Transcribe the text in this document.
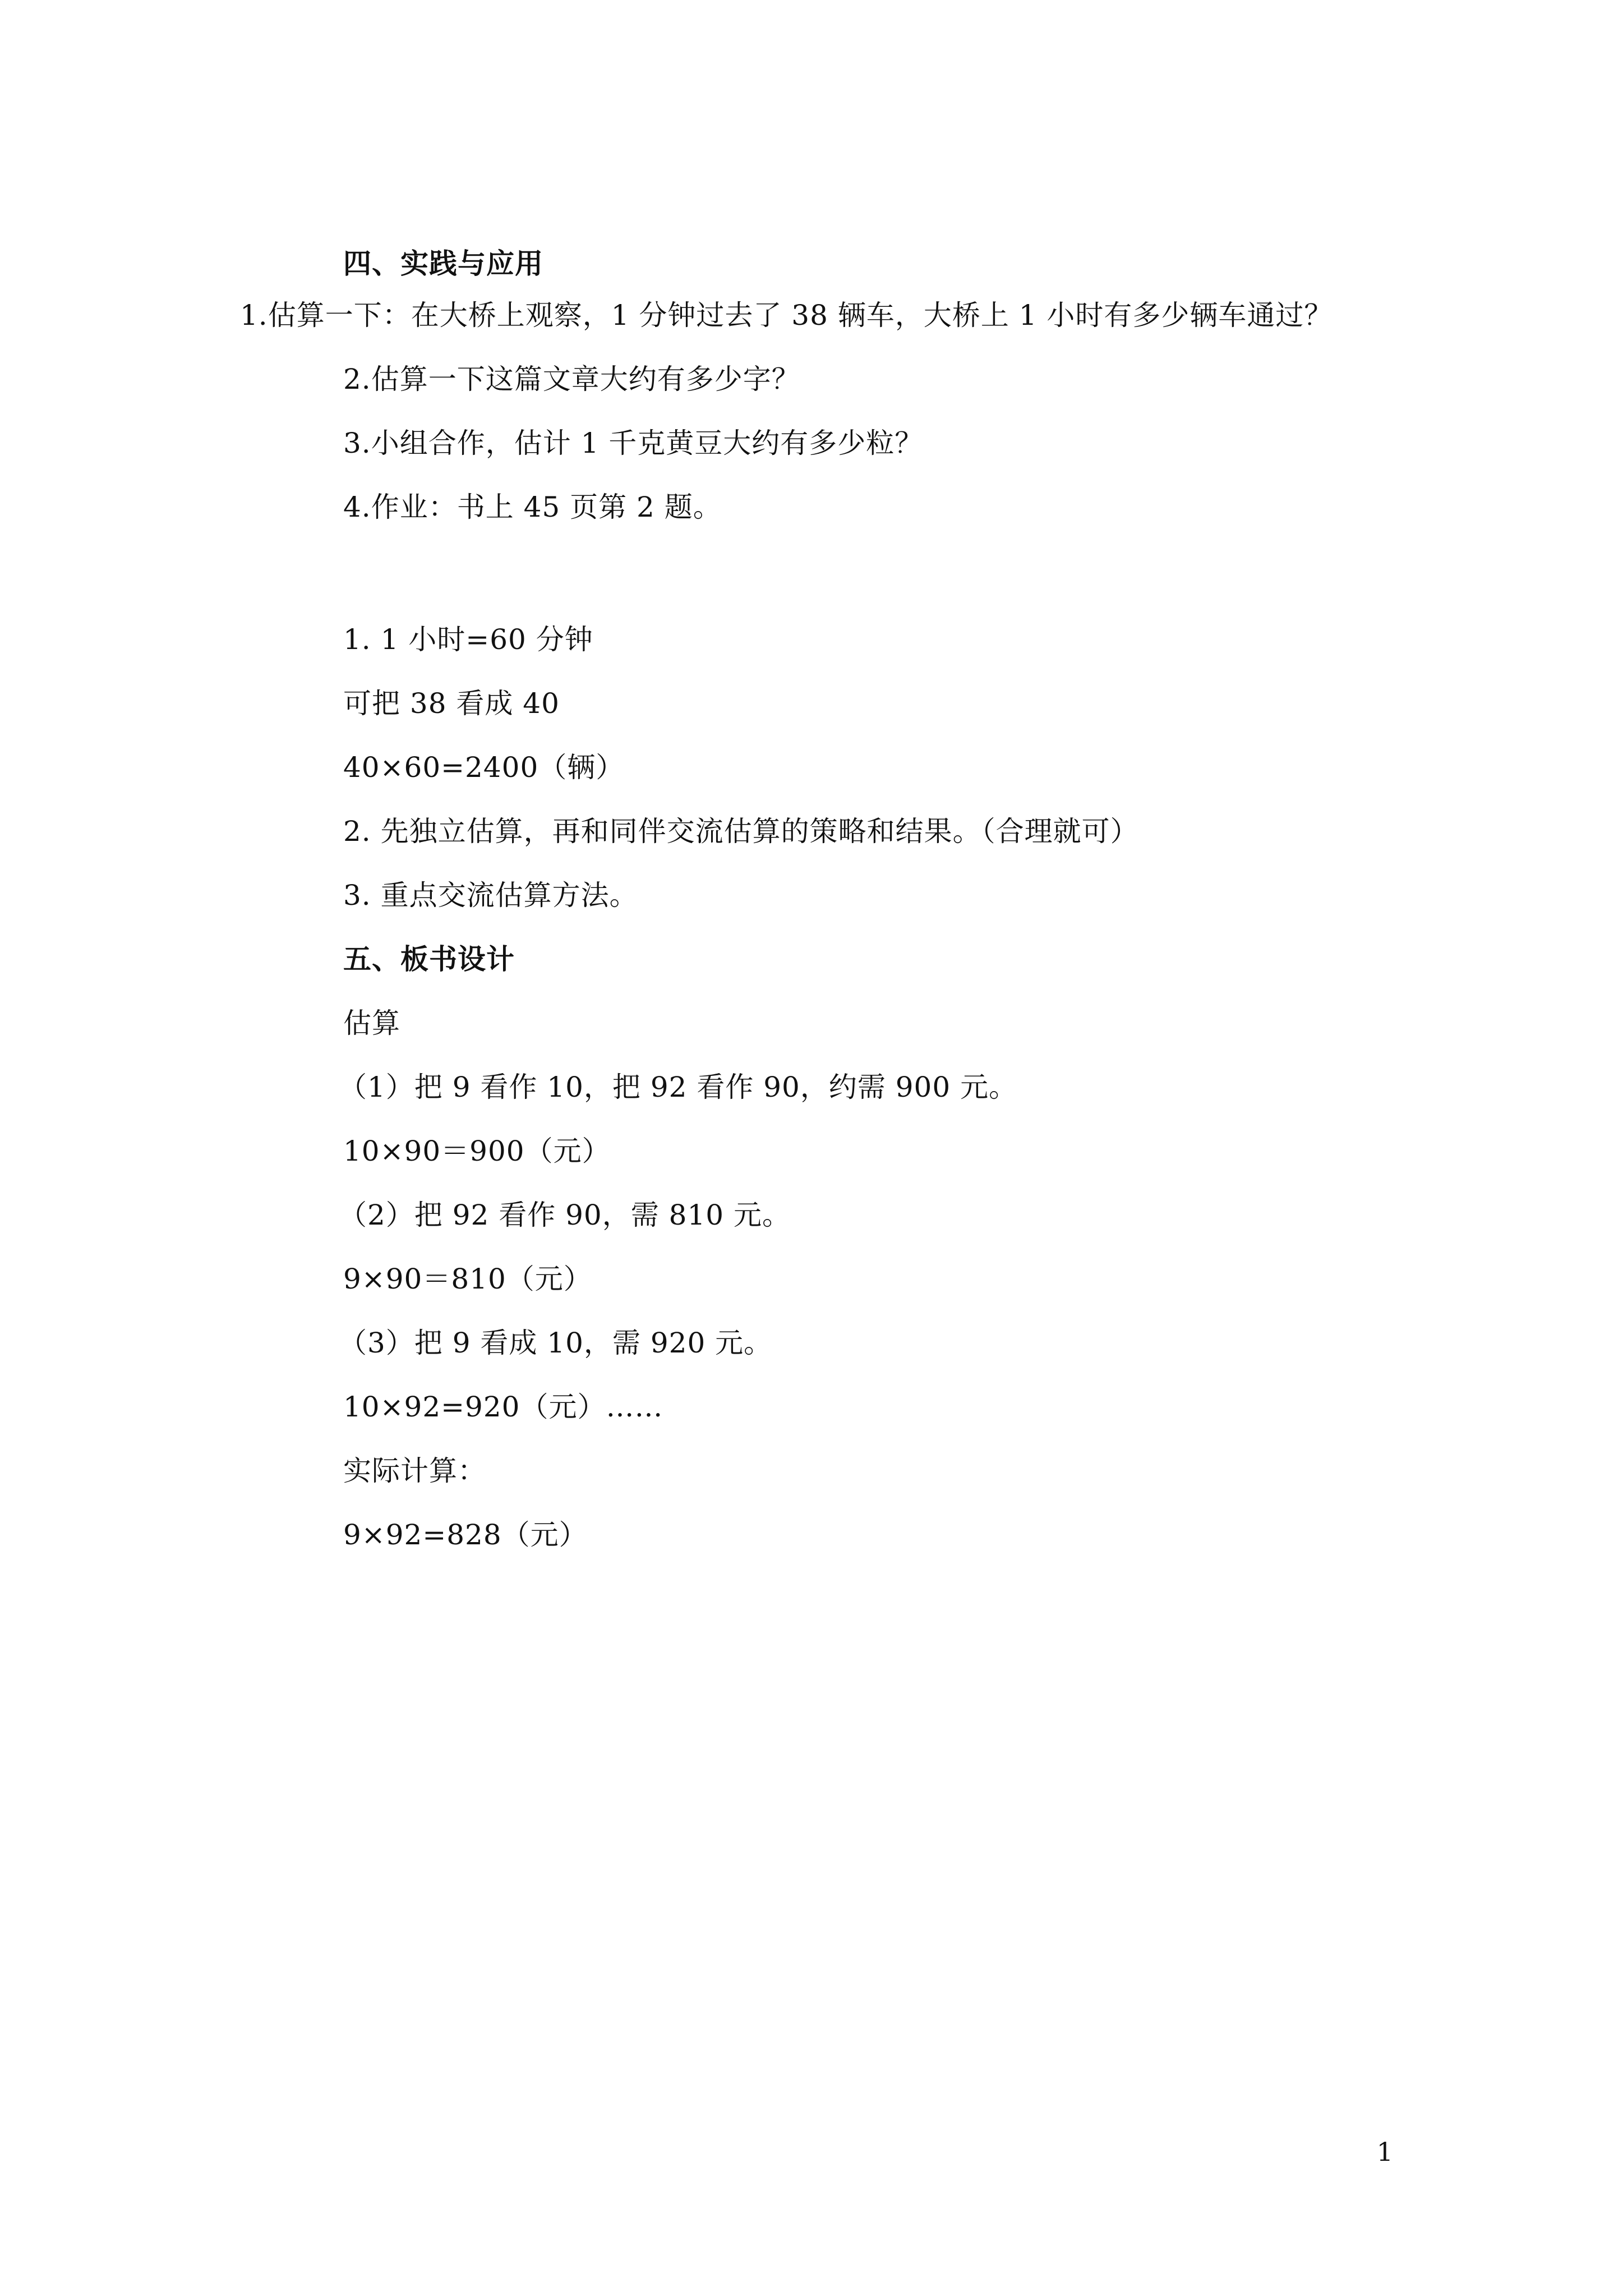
四、实践与应用
1.估算一下：在大桥上观察，1 分钟过去了 38 辆车，大桥上 1 小时有多少辆车通过？
2.估算一下这篇文章大约有多少字？
3.小组合作，估计 1 千克黄豆大约有多少粒？
4.作业：书上 45 页第 2 题。
1. 1 小时=60 分钟
可把 38 看成 40
40×60=2400（辆）
2. 先独立估算，再和同伴交流估算的策略和结果。（合理就可）
3. 重点交流估算方法。
五、板书设计
估算
（1）把 9 看作 10，把 92 看作 90，约需 900 元。
10×90＝900（元）
（2）把 92 看作 90，需 810 元。
9×90＝810（元）
（3）把 9 看成 10，需 920 元。
10×92=920（元）……
实际计算：
9×92=828（元）
1
